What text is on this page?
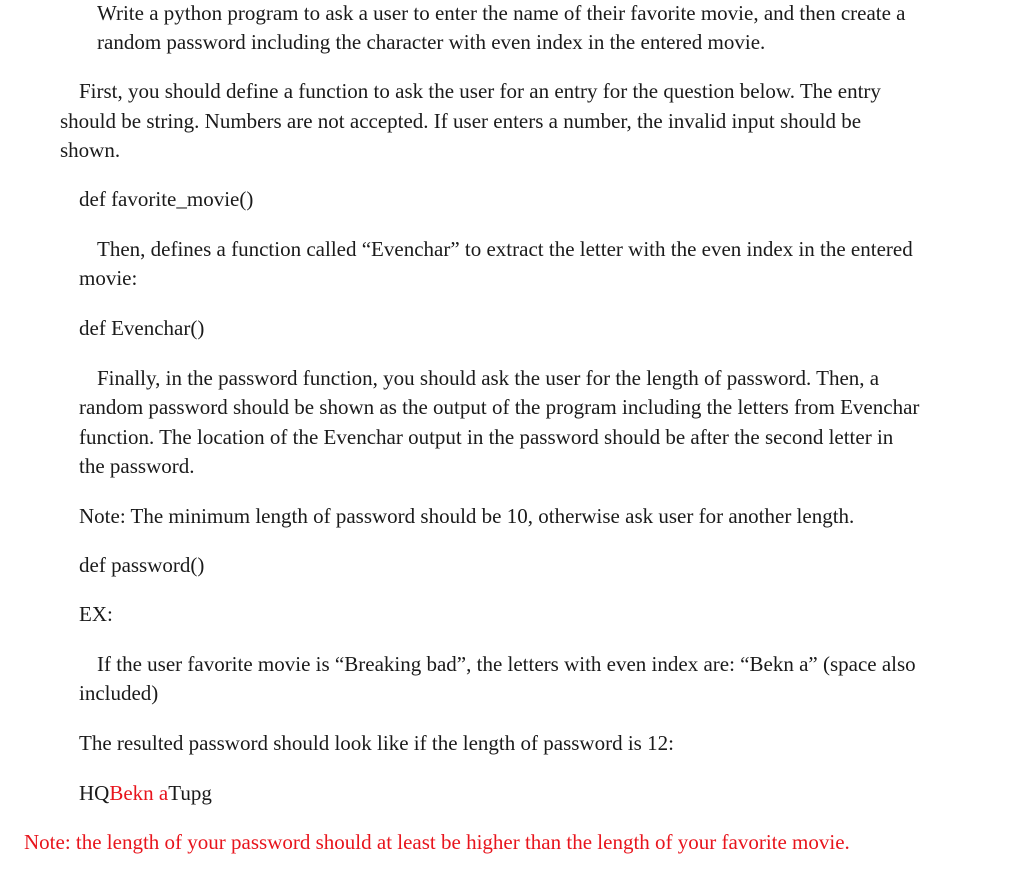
Write a python program to ask a user to enter the name of their favorite movie, and then create a

random password including the character with even index in the entered movie.

First, you should define a function to ask the user for an entry for the question below. The entry

should be string. Numbers are not accepted. If user enters a number, the invalid input should be

shown.

def favorite_movie()

Then, defines a function called “Evenchar” to extract the letter with the even index in the entered

movie:

def Evenchar()

Finally, in the password function, you should ask the user for the length of password. Then, a

random password should be shown as the output of the program including the letters from Evenchar

function. The location of the Evenchar output in the password should be after the second letter in

the password.

Note: The minimum length of password should be 10, otherwise ask user for another length.

def password()

EX:

If the user favorite movie is “Breaking bad”, the letters with even index are: “Bekn a” (space also

included)

The resulted password should look like if the length of password is 12:

HQBekn aTupg

Note: the length of your password should at least be higher than the length of your favorite movie.
